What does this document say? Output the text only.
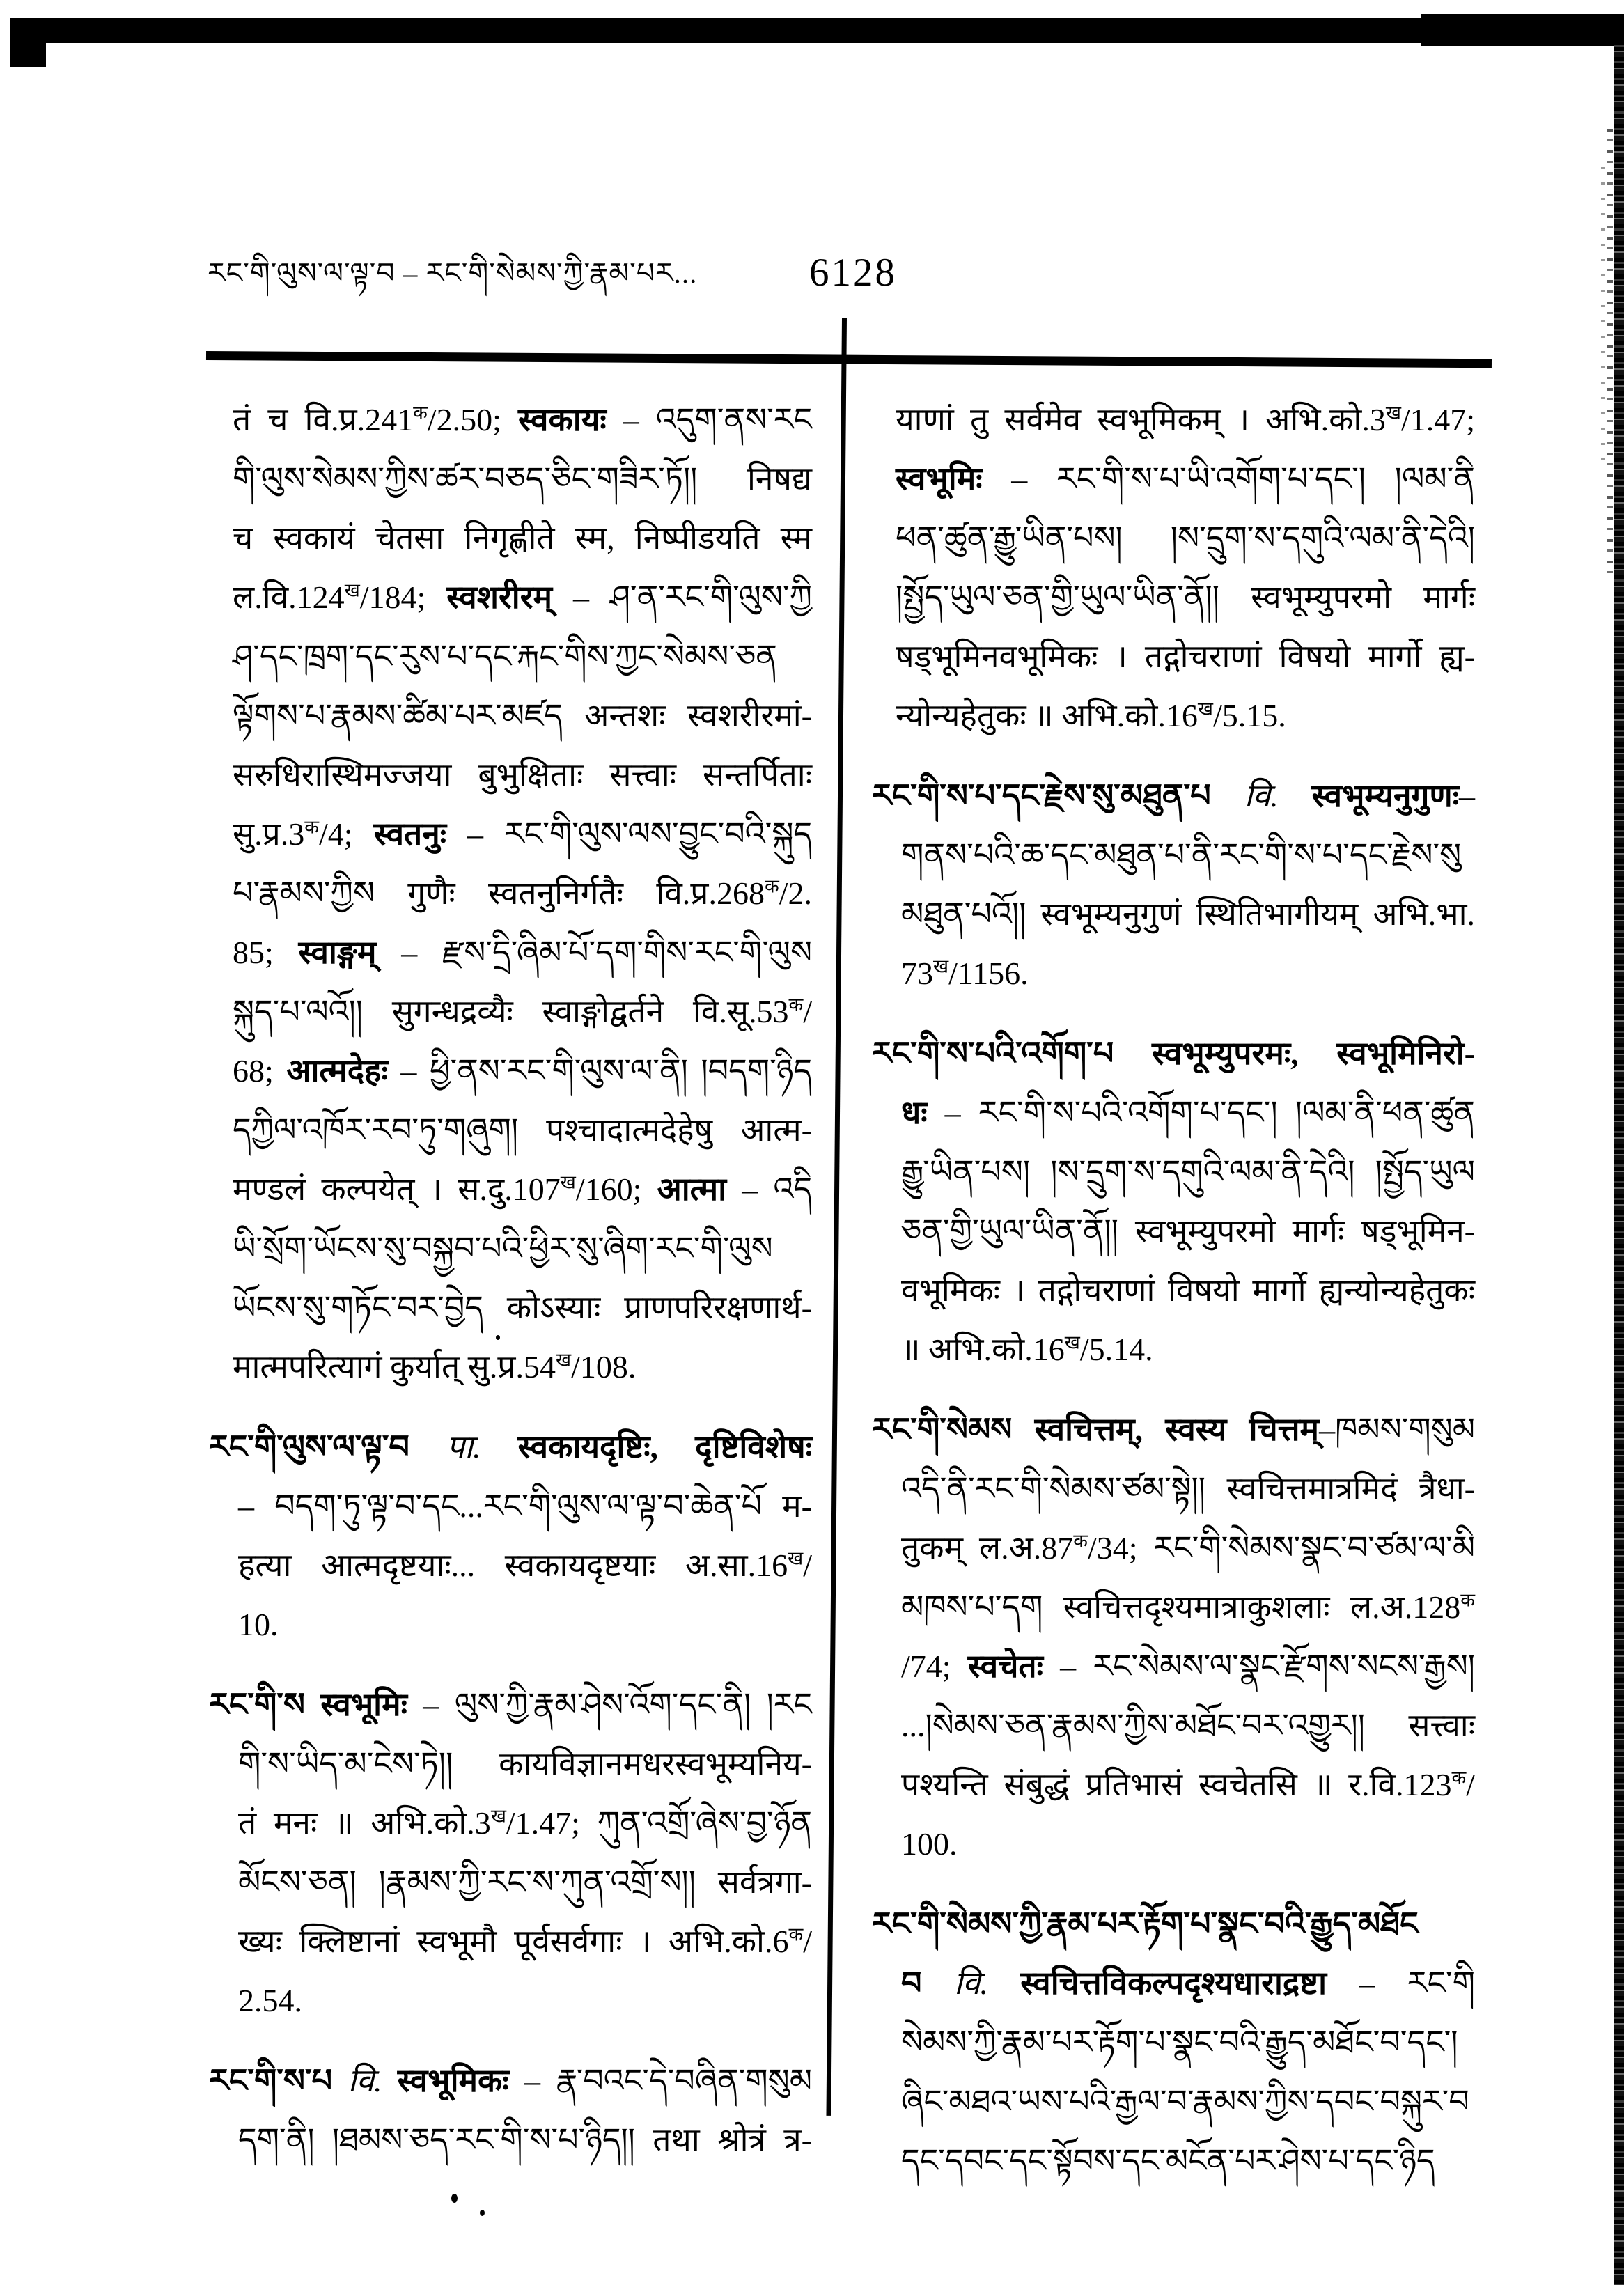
རང་གི་ལུས་ལ་ལྟ་བ – རང་གི་སེམས་ཀྱི་རྣམ་པར...	6128
तं च $वि.प्र.241^क/2.50$; स्वकायः – འདུག་ནས་རང
གི་ལུས་སེམས་ཀྱིས་ཚར་བཅད་ཅིང་གཟིར་ཏོ།། निषद्य
च स्वकायं चेतसा निगृह्णीते स्म, निष्पीडयति स्म
$ल.वि.124^ख/184$; स्वशरीरम् – ཤ་ན་རང་གི་ལུས་ཀྱི
ཤ་དང་ཁྲག་དང་རུས་པ་དང་རྐང་གིས་ཀྱང་སེམས་ཅན
ལྟོགས་པ་རྣམས་ཚིམ་པར་མཛད अन्तशः स्वशरीरमां-
सरुधिरास्थिमज्जया बुभुक्षिताः सत्त्वाः सन्तर्पिताः
$सु.प्र.3^क/4$; स्वतनुः – རང་གི་ལུས་ལས་བྱུང་བའི་སྐུད
པ་རྣམས་ཀྱིས गुणैः स्वतनुनिर्गतैः $वि.प्र.268^क/2$.
85; स्वाङ्गम् – རྫས་དྲི་ཞིམ་པོ་དག་གིས་རང་གི་ལུས
སྐུད་པ་ལའོ།། सुगन्धद्रव्यैः स्वाङ्गोद्वर्तने $वि.सू.53^क/$
68; आत्मदेहः – ཕྱི་ནས་རང་གི་ལུས་ལ་ནི། །བདག་ཉིད
དཀྱིལ་འཁོར་རབ་ཏུ་གཞུག། पश्चादात्मदेहेषु आत्म-
मण्डलं कल्पयेत् । $स.दु.107^ख/160$; आत्मा – འདི
ཡི་སྲོག་ཡོངས་སུ་བསྐྱབ་པའི་ཕྱིར་སུ་ཞིག་རང་གི་ལུས
ཡོངས་སུ་གཏོང་བར་བྱེད कोऽस्याः प्राणपरिरक्षणार्थ-
मात्मपरित्यागं कुर्यात् $सु.प्र.54^ख/108$.
རང་གི་ལུས་ལ་ལྟ་བ पा. स्वकायदृष्टिः, दृष्टिविशेषः
– བདག་ཏུ་ལྟ་བ་དང...རང་གི་ལུས་ལ་ལྟ་བ་ཆེན་པོ म-
हत्या आत्मदृष्टयाः... स्वकायदृष्टयाः $अ.सा.16^ख/$
10.
རང་གི་ས स्वभूमिः – ལུས་ཀྱི་རྣམ་ཤེས་འོག་དང་ནི། །རང
གི་ས་ཡིད་མ་ངེས་ཏེ།། कायविज्ञानमधरस्वभूम्यनिय-
तं मनः ॥ $अभि.को.3^ख/1.47$; ཀུན་འགྲོ་ཞེས་བྱ་ཉོན
མོངས་ཅན། །རྣམས་ཀྱི་རང་ས་ཀུན་འགྲོ་ས།། सर्वत्रगा-
ख्यः क्लिष्टानां स्वभूमौ पूर्वसर्वगाः । $अभि.को.6^क/$
2.54.
རང་གི་ས་པ वि. स्वभूमिकः – རྣ་བའང་དེ་བཞིན་གསུམ
དག་ནི། །ཐམས་ཅད་རང་གི་ས་པ་ཉིད།། तथा श्रोत्रं त्र-
याणां तु सर्वमेव स्वभूमिकम् । $अभि.को.3^ख/1.47$;
स्वभूमिः – རང་གི་ས་པ་ཡི་འགོག་པ་དང་། །ལམ་ནི
ཕན་ཚུན་རྒྱུ་ཡིན་པས། །ས་དྲུག་ས་དགུའི་ལམ་ནི་དེའི།
།སྤྱོད་ཡུལ་ཅན་གྱི་ཡུལ་ཡིན་ནོ།། स्वभूम्युपरमो मार्गः
षड्भूमिनवभूमिकः । तद्गोचराणां विषयो मार्गो ह्य-
न्योन्यहेतुकः ॥ $अभि.को.16^ख/5.15$.
རང་གི་ས་པ་དང་རྗེས་སུ་མཐུན་པ वि. स्वभूम्यनुगुणः–
གནས་པའི་ཆ་དང་མཐུན་པ་ནི་རང་གི་ས་པ་དང་རྗེས་སུ
མཐུན་པའོ།། स्वभूम्यनुगुणं स्थितिभागीयम् अभि.भा.
$73^ख/1156$.
རང་གི་ས་པའི་འགོག་པ स्वभूम्युपरमः, स्वभूमिनिरो-
धः – རང་གི་ས་པའི་འགོག་པ་དང་། །ལམ་ནི་ཕན་ཚུན
རྒྱུ་ཡིན་པས། །ས་དྲུག་ས་དགུའི་ལམ་ནི་དེའི། །སྤྱོད་ཡུལ
ཅན་གྱི་ཡུལ་ཡིན་ནོ།། स्वभूम्युपरमो मार्गः षड्भूमिन-
वभूमिकः । तद्गोचराणां विषयो मार्गो ह्यन्योन्यहेतुकः
॥ $अभि.को.16^ख/5.14$.
རང་གི་སེམས स्वचित्तम्, स्वस्य चित्तम्–ཁམས་གསུམ
འདི་ནི་རང་གི་སེམས་ཙམ་སྟེ།། स्वचित्तमात्रमिदं त्रैधा-
तुकम् $ल.अ.87^क/34$; རང་གི་སེམས་སྣང་བ་ཙམ་ལ་མི
མཁས་པ་དག स्वचित्तदृश्यमात्राकुशलाः $ल.अ.128^क$
/74; स्वचेतः – རང་སེམས་ལ་སྣང་རྫོགས་སངས་རྒྱས།
...།སེམས་ཅན་རྣམས་ཀྱིས་མཐོང་བར་འགྱུར།། सत्त्वाः
पश्यन्ति संबुद्धं प्रतिभासं स्वचेतसि ॥ $र.वि.123^क/$
100.
རང་གི་སེམས་ཀྱི་རྣམ་པར་རྟོག་པ་སྣང་བའི་རྒྱུད་མཐོང
བ वि. स्वचित्तविकल्पदृश्यधाराद्रष्टा – རང་གི
སེམས་ཀྱི་རྣམ་པར་རྟོག་པ་སྣང་བའི་རྒྱུད་མཐོང་བ་དང་།
ཞིང་མཐའ་ཡས་པའི་རྒྱལ་བ་རྣམས་ཀྱིས་དབང་བསྐུར་བ
དང་དབང་དང་སྟོབས་དང་མངོན་པར་ཤེས་པ་དང་ཉིད
